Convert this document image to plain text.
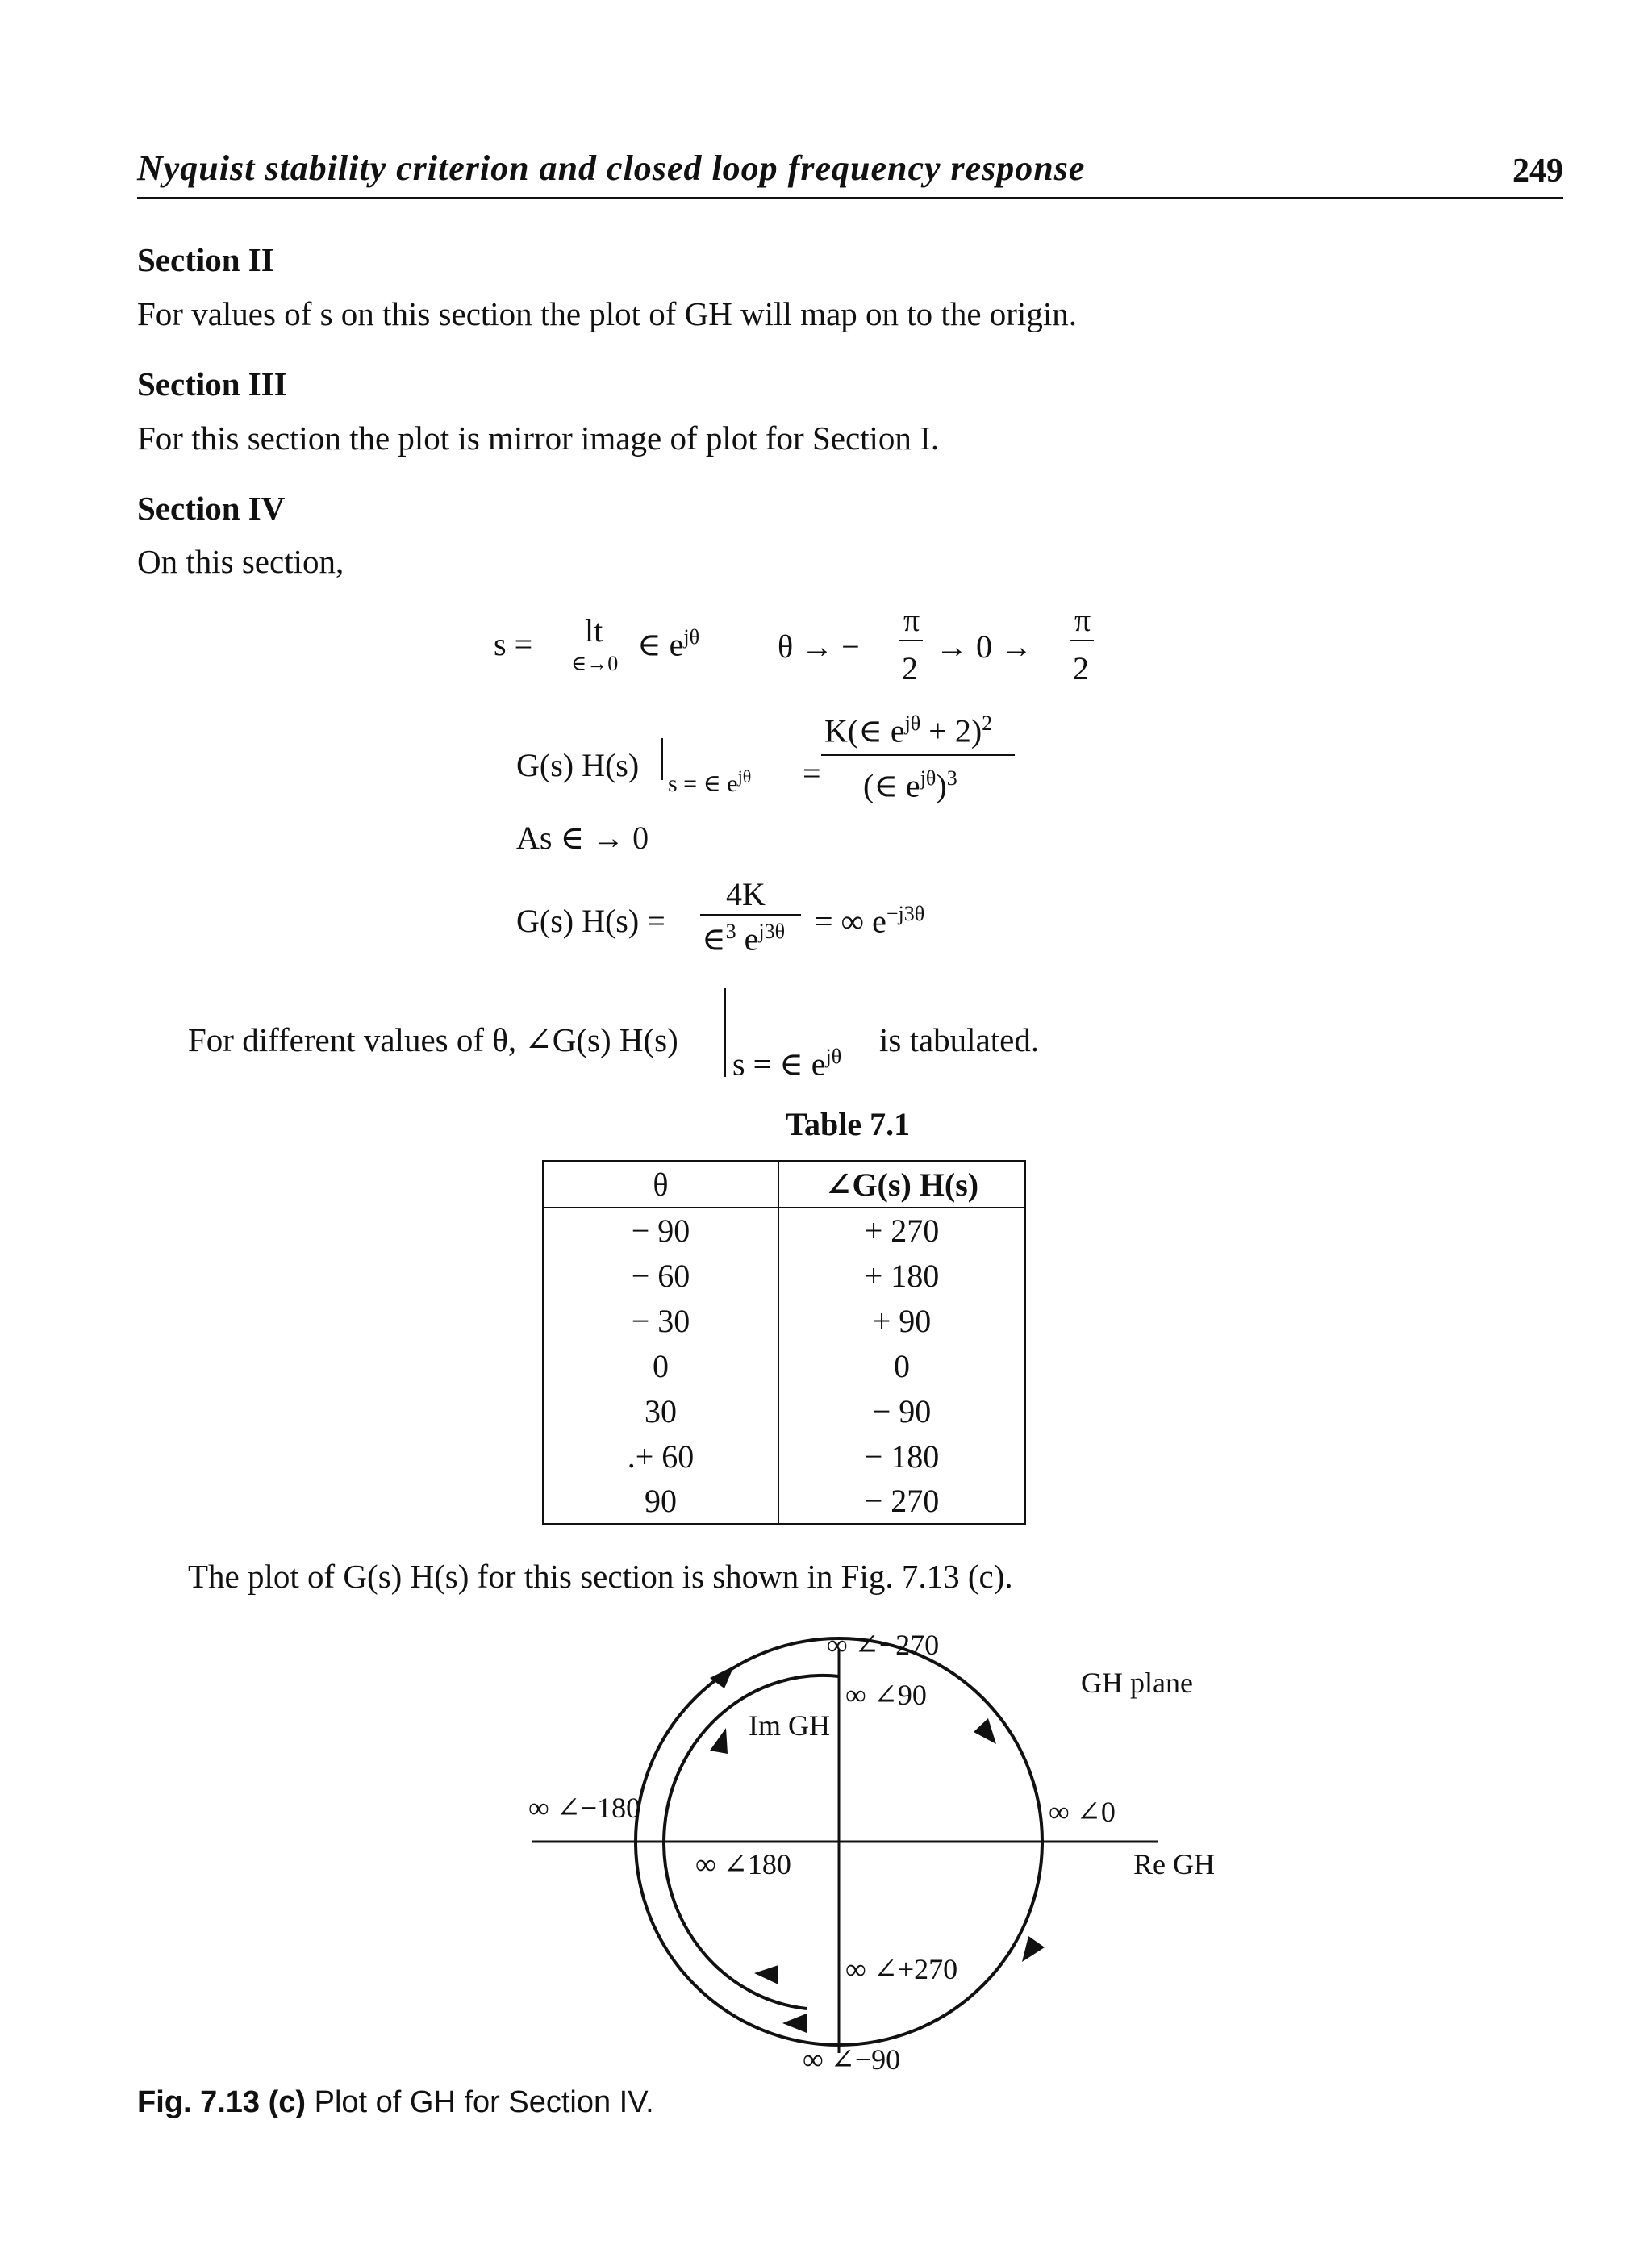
Nyquist stability criterion and closed loop frequency response	249
Section II
For values of s on this section the plot of GH will map on to the origin.
Section III
For this section the plot is mirror image of plot for Section I.
Section IV
On this section,
s = lt
∈→0
∈ $e^{j\theta}$ θ → −
π
2
→ 0 →
π
2
G(s) H(s)
s = ∈ $e^{j\theta}$ =
K(∈ $e^{j\theta} + 2)^2$
(∈ $e^{j\theta})^3$
As ∈ → 0
G(s) H(s) =
4K
∈$^3$ $e^{j3\theta}$ = ∞ $e^{-j3\theta}$
For different values of θ, ∠G(s) H(s)
s = ∈ $e^{j\theta}$ is tabulated.
Table 7.1
θ	∠G(s) H(s)
− 90	+ 270
− 60	+ 180
− 30	+ 90
0	0
30	− 90
.+ 60	− 180
90	− 270
The plot of G(s) H(s) for this section is shown in Fig. 7.13 (c).
∞ ∠−270
∞ ∠90
Im GH
GH plane
∞ ∠−180	∞ ∠0
Re GH
∞ ∠180
∞ ∠+270
∞ ∠−90
Fig. 7.13 (c) Plot of GH for Section IV.
